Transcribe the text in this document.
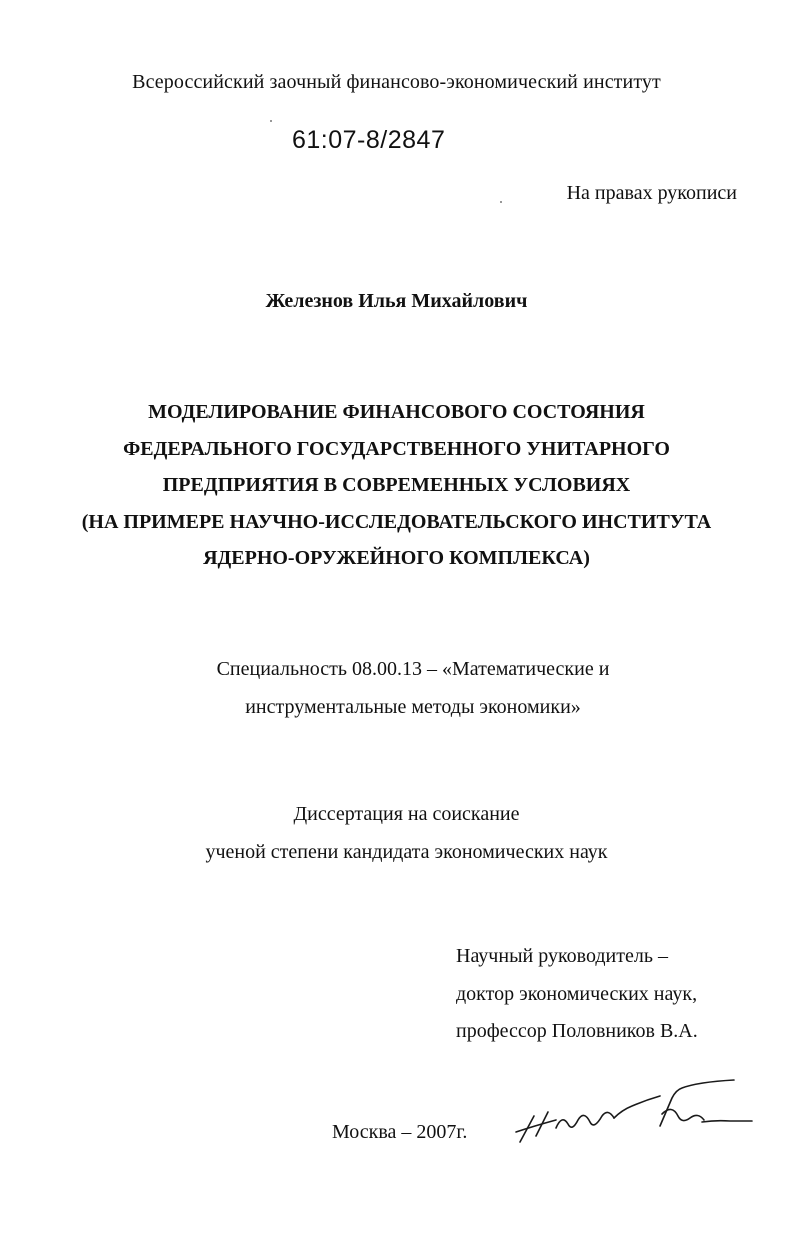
Всероссийский заочный финансово-экономический институт
61:07-8/2847
На правах рукописи
Железнов Илья Михайлович
МОДЕЛИРОВАНИЕ ФИНАНСОВОГО СОСТОЯНИЯ
ФЕДЕРАЛЬНОГО ГОСУДАРСТВЕННОГО УНИТАРНОГО
ПРЕДПРИЯТИЯ В СОВРЕМЕННЫХ УСЛОВИЯХ
(НА ПРИМЕРЕ НАУЧНО-ИССЛЕДОВАТЕЛЬСКОГО ИНСТИТУТА
ЯДЕРНО-ОРУЖЕЙНОГО КОМПЛЕКСА)
Специальность 08.00.13 – «Математические и
инструментальные методы экономики»
Диссертация на соискание
ученой степени кандидата экономических наук
Научный руководитель –
доктор экономических наук,
профессор Половников В.А.
Москва – 2007г.
